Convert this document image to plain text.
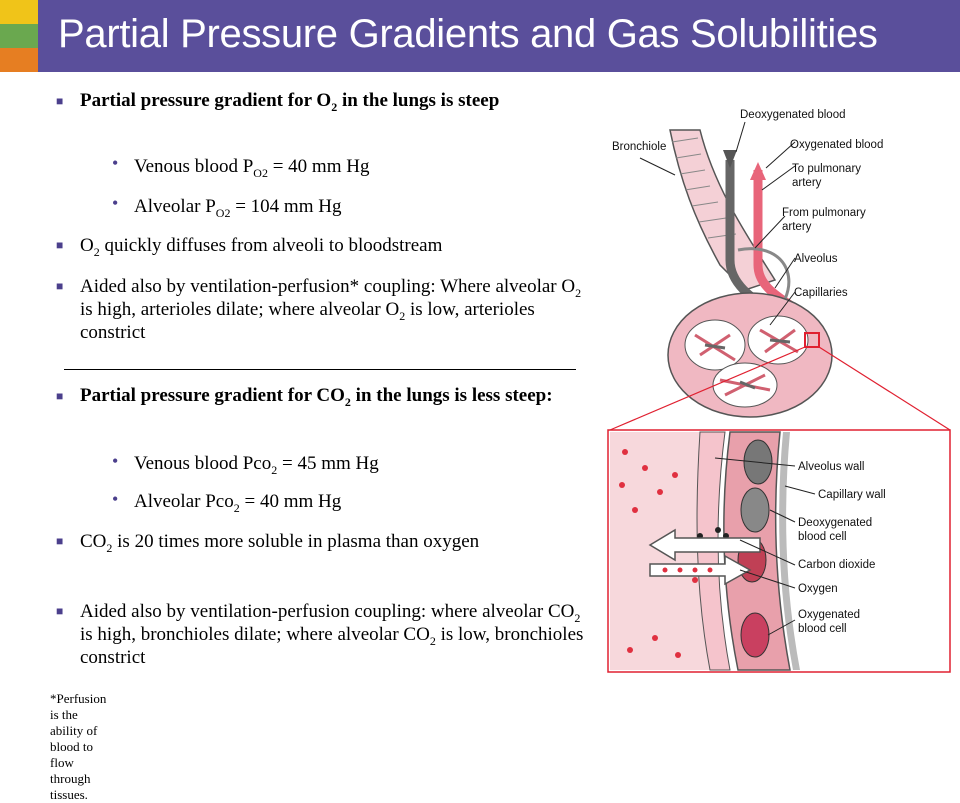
Partial Pressure Gradients and Gas Solubilities
■ Partial pressure gradient for $O_2$ in the lungs is steep
• Venous blood $P_{O2} = 40$ mm Hg
• Alveolar $P_{O2} = 104$ mm Hg
■ $O_2$ quickly diffuses from alveoli to bloodstream
■ Aided also by ventilation-perfusion* coupling: Where alveolar $O_2$ is high, arterioles dilate; where alveolar $O_2$ is low, arterioles constrict
■ Partial pressure gradient for $CO_2$ in the lungs is less steep:
• Venous blood Pco$_2$ = 45 mm Hg
• Alveolar Pco$_2$ = 40 mm Hg
■ $CO_2$ is 20 times more soluble in plasma than oxygen
■ Aided also by ventilation-perfusion coupling: where alveolar $CO_2$ is high, bronchioles dilate; where alveolar $CO_2$ is low, bronchioles constrict
*Perfusion is the ability of blood to flow through tissues.
Bronchiole
Deoxygenated blood
Oxygenated blood
To pulmonary
artery
From pulmonary
artery
Alveolus
Capillaries
Alveolus wall
Capillary wall
Deoxygenated
blood cell
Carbon dioxide
Oxygen
Oxygenated
blood cell
